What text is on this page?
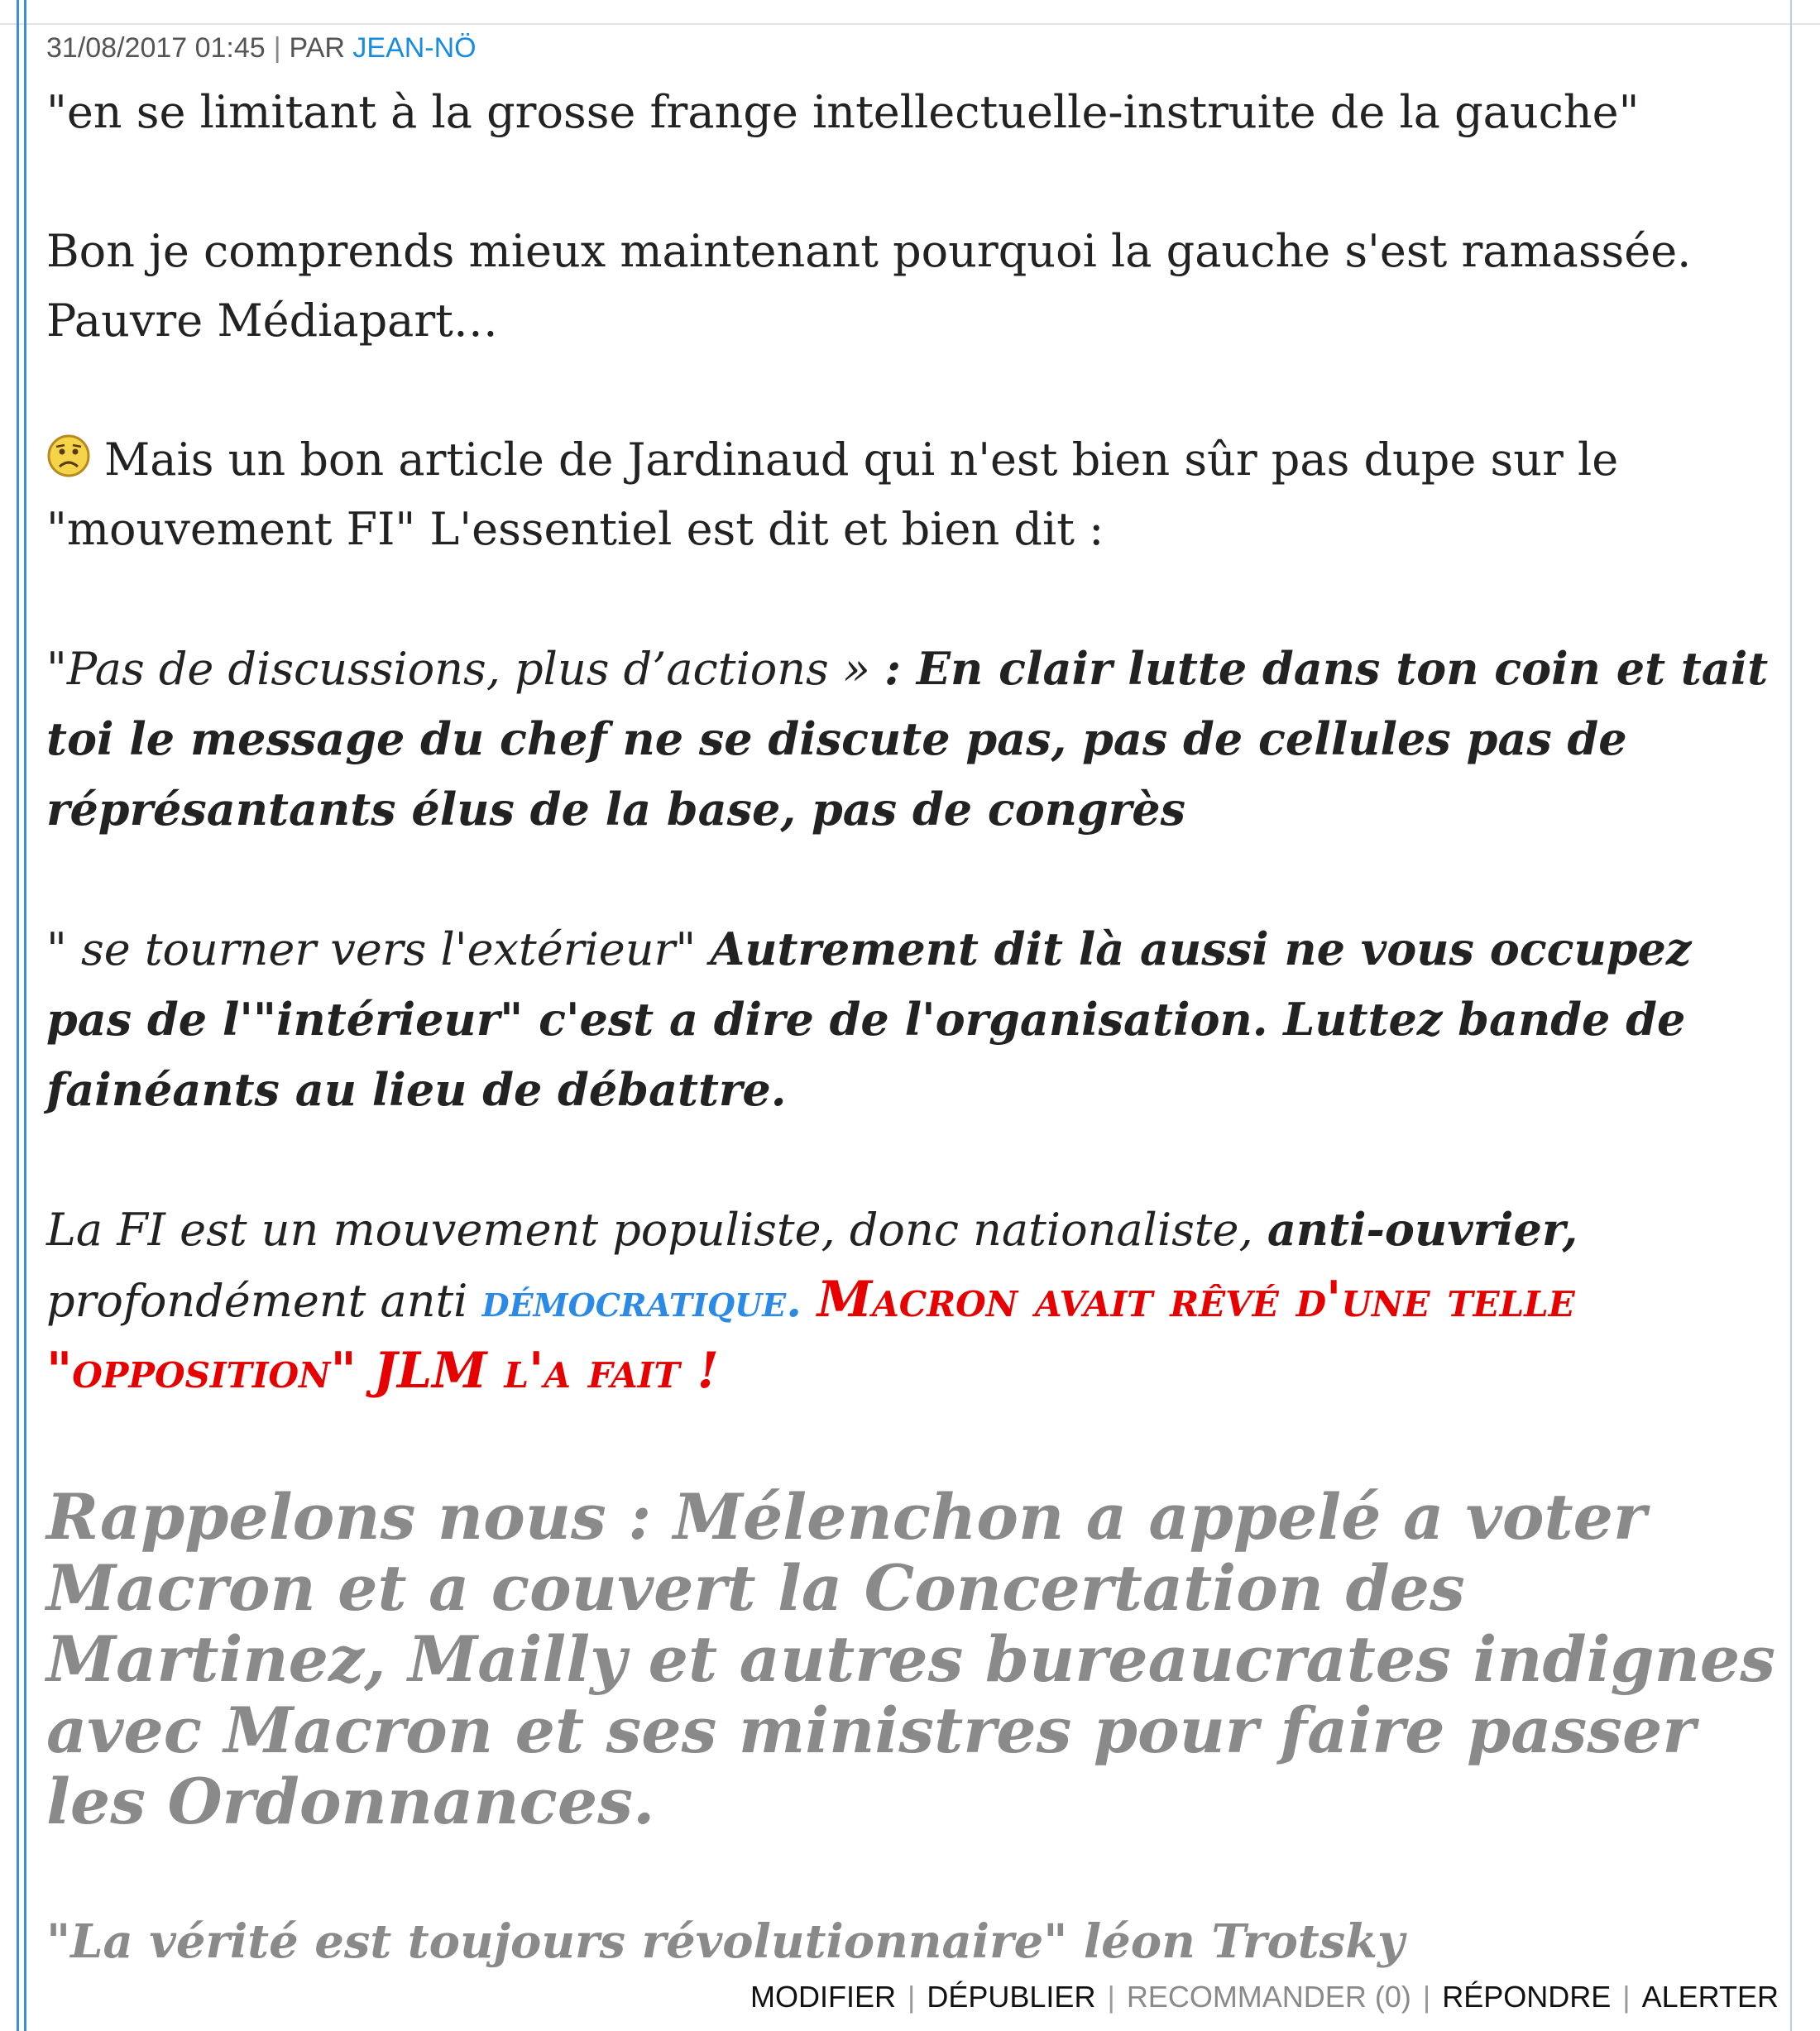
31/08/2017 01:45 | PAR JEAN-NÖ

"en se limitant à la grosse frange intellectuelle-instruite de la gauche"

Bon je comprends mieux maintenant pourquoi la gauche s'est ramassée. Pauvre Médiapart…

Mais un bon article de Jardinaud qui n'est bien sûr pas dupe sur le "mouvement FI" L'essentiel est dit et bien dit :

"Pas de discussions, plus d’actions » : En clair lutte dans ton coin et tait toi le message du chef ne se discute pas, pas de cellules pas de réprésantants élus de la base, pas de congrès

" se tourner vers l'extérieur" Autrement dit là aussi ne vous occupez pas de l'"intérieur" c'est a dire de l'organisation. Luttez bande de fainéants au lieu de débattre.

La FI est un mouvement populiste, donc nationaliste, anti-ouvrier, profondément anti démocratique. Macron avait rêvé d'une telle "opposition" JLM l'a fait !

Rappelons nous : Mélenchon a appelé a voter Macron et a couvert la Concertation des Martinez, Mailly et autres bureaucrates indignes avec Macron et ses ministres pour faire passer les Ordonnances.

"La vérité est toujours révolutionnaire" léon Trotsky

MODIFIER | DÉPUBLIER | RECOMMANDER (0) | RÉPONDRE | ALERTER
